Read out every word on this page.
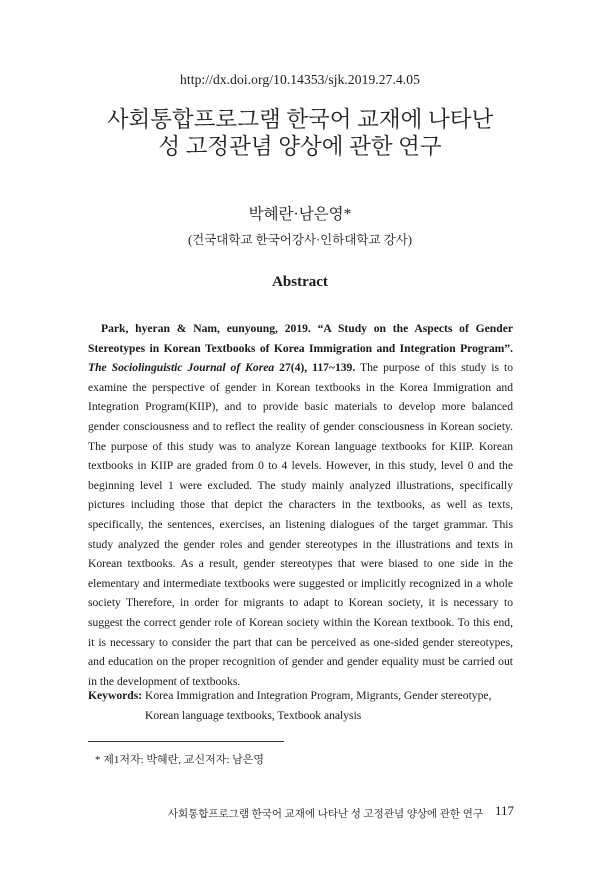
http://dx.doi.org/10.14353/sjk.2019.27.4.05
사회통합프로그램 한국어 교재에 나타난
성 고정관념 양상에 관한 연구
박혜란·남은영*
(건국대학교 한국어강사·인하대학교 강사)
Abstract

Park, hyeran & Nam, eunyoung, 2019. “A Study on the Aspects of Gender Stereotypes in Korean Textbooks of Korea Immigration and Integration Program”. The Sociolinguistic Journal of Korea 27(4), 117~139. The purpose of this study is to examine the perspective of gender in Korean textbooks in the Korea Immigration and Integration Program(KIIP), and to provide basic materials to develop more balanced gender consciousness and to reflect the reality of gender consciousness in Korean society. The purpose of this study was to analyze Korean language textbooks for KIIP. Korean textbooks in KIIP are graded from 0 to 4 levels. However, in this study, level 0 and the beginning level 1 were excluded. The study mainly analyzed illustrations, specifically pictures including those that depict the characters in the textbooks, as well as texts, specifically, the sentences, exercises, an listening dialogues of the target grammar. This study analyzed the gender roles and gender stereotypes in the illustrations and texts in Korean textbooks. As a result, gender stereotypes that were biased to one side in the elementary and intermediate textbooks were suggested or implicitly recognized in a whole society Therefore, in order for migrants to adapt to Korean society, it is necessary to suggest the correct gender role of Korean society within the Korean textbook. To this end, it is necessary to consider the part that can be perceived as one-sided gender stereotypes, and education on the proper recognition of gender and gender equality must be carried out in the development of textbooks.

Keywords: Korea Immigration and Integration Program, Migrants, Gender stereotype,
Korean language textbooks, Textbook analysis
* 제1저자: 박혜란, 교신저자: 남은영
사회통합프로그램 한국어 교재에 나타난 성 고정관념 양상에 관한 연구 117
